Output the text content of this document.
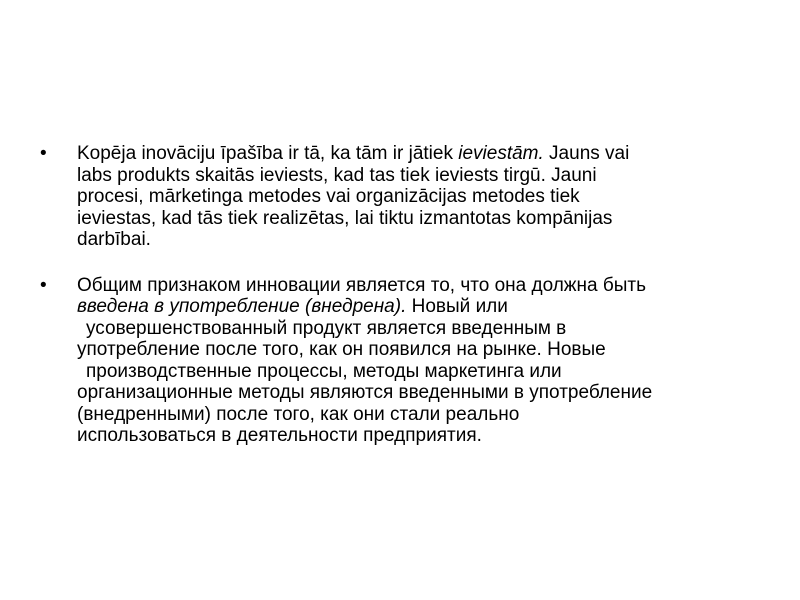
•	Kopēja inovāciju īpašība ir tā, ka tām ir jātiek ieviestām. Jauns vai
labs produkts skaitās ieviests, kad tas tiek ieviests tirgū. Jauni
procesi, mārketinga metodes vai organizācijas metodes tiek
ieviestas, kad tās tiek realizētas, lai tiktu izmantotas kompānijas
darbībai.
•	Общим признаком инновации является то, что она должна быть
введена в употребление (внедрена). Новый или
усовершенствованный продукт является введенным в
употребление после того, как он появился на рынке. Новые
производственные процессы, методы маркетинга или
организационные методы являются введенными в употребление
(внедренными) после того, как они стали реально
использоваться в деятельности предприятия.
